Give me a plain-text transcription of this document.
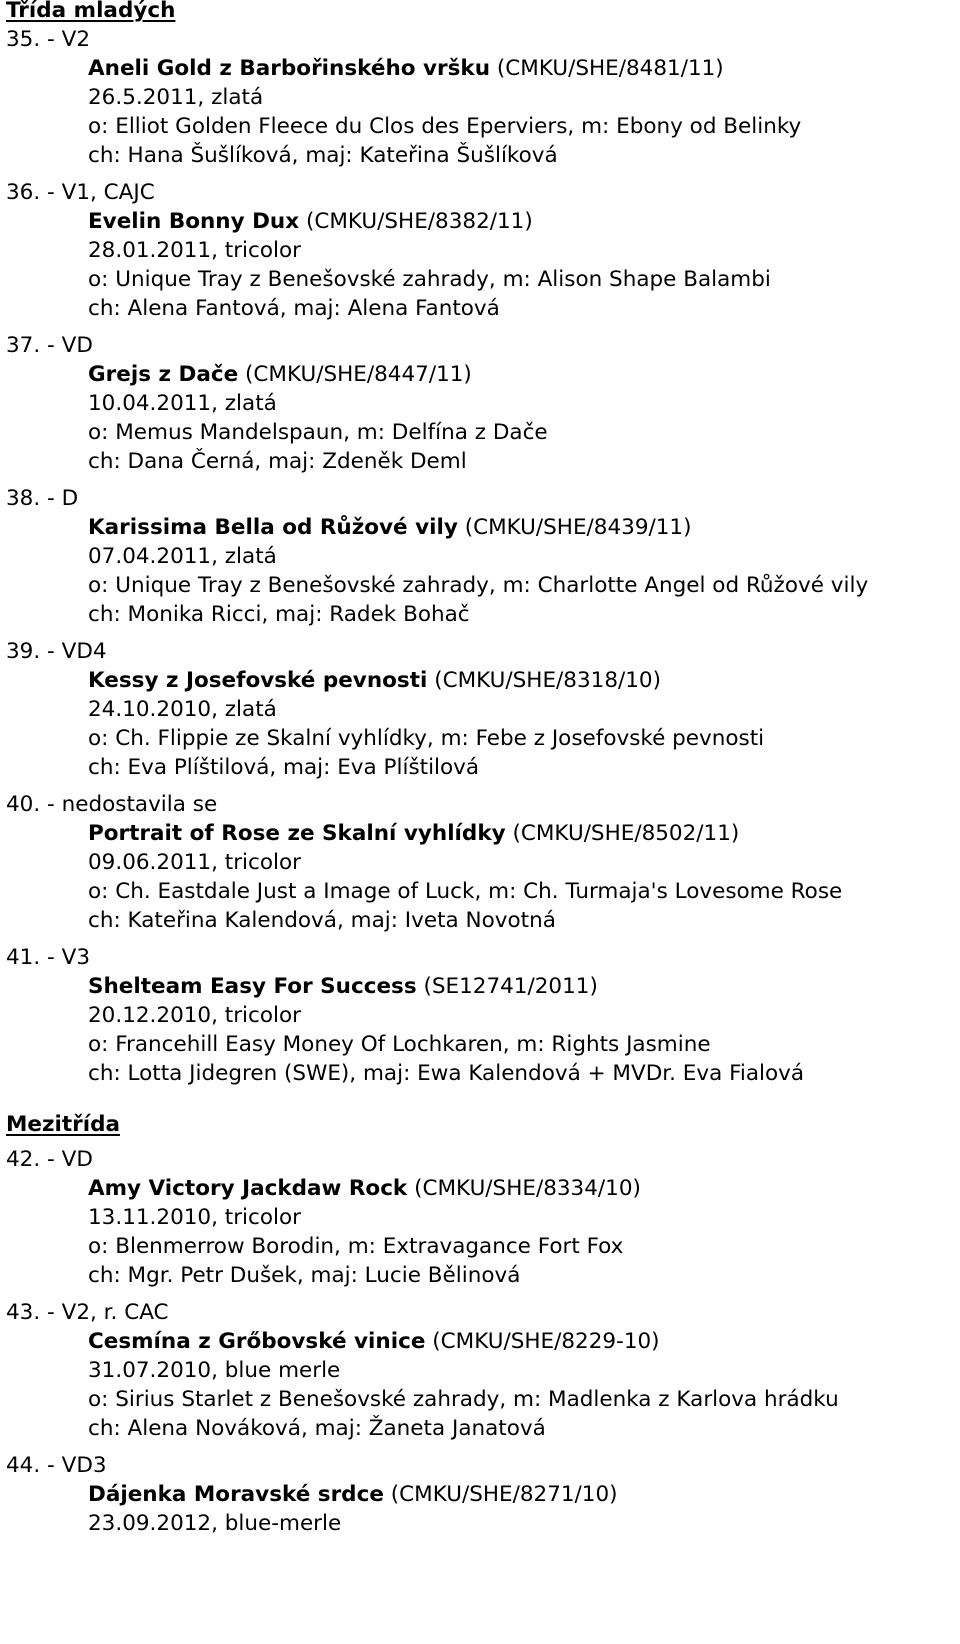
Třída mladých
35. - V2
Aneli Gold z Barbořinského vršku (CMKU/SHE/8481/11)
26.5.2011, zlatá
o: Elliot Golden Fleece du Clos des Eperviers, m: Ebony od Belinky
ch: Hana Šušlíková, maj: Kateřina Šušlíková
36. - V1, CAJC
Evelin Bonny Dux (CMKU/SHE/8382/11)
28.01.2011, tricolor
o: Unique Tray z Benešovské zahrady, m: Alison Shape Balambi
ch: Alena Fantová, maj: Alena Fantová
37. - VD
Grejs z Dače (CMKU/SHE/8447/11)
10.04.2011, zlatá
o: Memus Mandelspaun, m: Delfína z Dače
ch: Dana Černá, maj: Zdeněk Deml
38. - D
Karissima Bella od Růžové vily (CMKU/SHE/8439/11)
07.04.2011, zlatá
o: Unique Tray z Benešovské zahrady, m: Charlotte Angel od Růžové vily
ch: Monika Ricci, maj: Radek Bohač
39. - VD4
Kessy z Josefovské pevnosti (CMKU/SHE/8318/10)
24.10.2010, zlatá
o: Ch. Flippie ze Skalní vyhlídky, m: Febe z Josefovské pevnosti
ch: Eva Plíštilová, maj: Eva Plíštilová
40. - nedostavila se
Portrait of Rose ze Skalní vyhlídky (CMKU/SHE/8502/11)
09.06.2011, tricolor
o: Ch. Eastdale Just a Image of Luck, m: Ch. Turmaja's Lovesome Rose
ch: Kateřina Kalendová, maj: Iveta Novotná
41. - V3
Shelteam Easy For Success (SE12741/2011)
20.12.2010, tricolor
o: Francehill Easy Money Of Lochkaren, m: Rights Jasmine
ch: Lotta Jidegren (SWE), maj: Ewa Kalendová + MVDr. Eva Fialová
Mezitřída
42. - VD
Amy Victory Jackdaw Rock (CMKU/SHE/8334/10)
13.11.2010, tricolor
o: Blenmerrow Borodin, m: Extravagance Fort Fox
ch: Mgr. Petr Dušek, maj: Lucie Bělinová
43. - V2, r. CAC
Cesmína z Grőbovské vinice (CMKU/SHE/8229-10)
31.07.2010, blue merle
o: Sirius Starlet z Benešovské zahrady, m: Madlenka z Karlova hrádku
ch: Alena Nováková, maj: Žaneta Janatová
44. - VD3
Dájenka Moravské srdce (CMKU/SHE/8271/10)
23.09.2012, blue-merle
